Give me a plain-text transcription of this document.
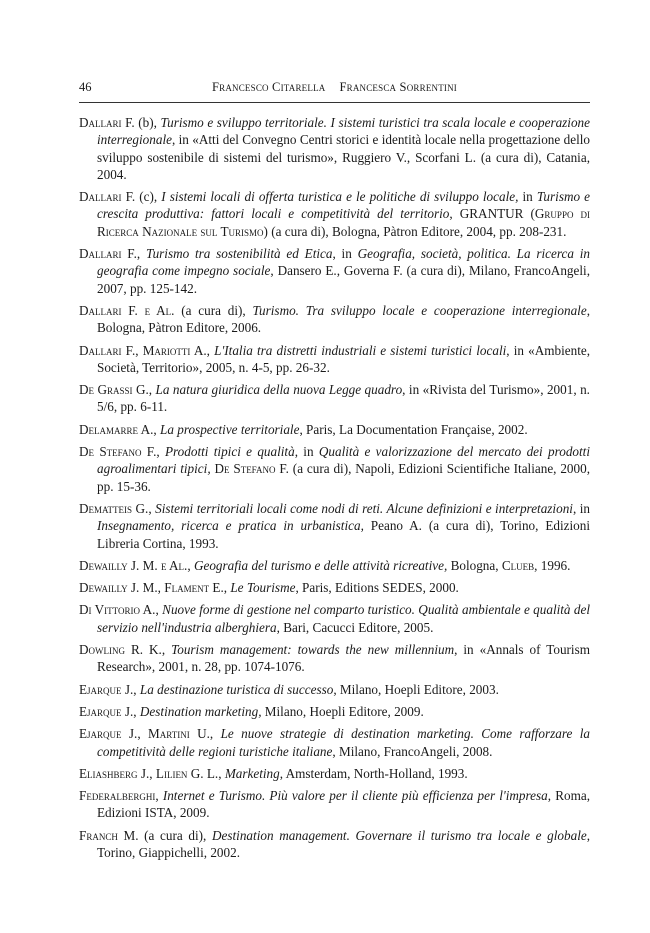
46	Francesco Citarella Francesca Sorrentini

Dallari F. (b), Turismo e sviluppo territoriale. I sistemi turistici tra scala locale e cooperazione interregionale, in «Atti del Convegno Centri storici e identità locale nella progettazione dello sviluppo sostenibile di sistemi del turismo», Ruggiero V., Scorfani L. (a cura di), Catania, 2004.

Dallari F. (c), I sistemi locali di offerta turistica e le politiche di sviluppo locale, in Turismo e crescita produttiva: fattori locali e competitività del territorio, GRANTUR (Gruppo di Ricerca Nazionale sul Turismo) (a cura di), Bologna, Pàtron Editore, 2004, pp. 208-231.

Dallari F., Turismo tra sostenibilità ed Etica, in Geografia, società, politica. La ricerca in geografia come impegno sociale, Dansero E., Governa F. (a cura di), Milano, FrancoAngeli, 2007, pp. 125-142.

Dallari F. e Al. (a cura di), Turismo. Tra sviluppo locale e cooperazione interregionale, Bologna, Pàtron Editore, 2006.

Dallari F., Mariotti A., L'Italia tra distretti industriali e sistemi turistici locali, in «Ambiente, Società, Territorio», 2005, n. 4-5, pp. 26-32.

De Grassi G., La natura giuridica della nuova Legge quadro, in «Rivista del Turismo», 2001, n. 5/6, pp. 6-11.

Delamarre A., La prospective territoriale, Paris, La Documentation Française, 2002.

De Stefano F., Prodotti tipici e qualità, in Qualità e valorizzazione del mercato dei prodotti agroalimentari tipici, De Stefano F. (a cura di), Napoli, Edizioni Scientifiche Italiane, 2000, pp. 15-36.

Dematteis G., Sistemi territoriali locali come nodi di reti. Alcune definizioni e interpretazioni, in Insegnamento, ricerca e pratica in urbanistica, Peano A. (a cura di), Torino, Edizioni Libreria Cortina, 1993.

Dewailly J. M. e Al., Geografia del turismo e delle attività ricreative, Bologna, Clueb, 1996.

Dewailly J. M., Flament E., Le Tourisme, Paris, Editions SEDES, 2000.

Di Vittorio A., Nuove forme di gestione nel comparto turistico. Qualità ambientale e qualità del servizio nell'industria alberghiera, Bari, Cacucci Editore, 2005.

Dowling R. K., Tourism management: towards the new millennium, in «Annals of Tourism Research», 2001, n. 28, pp. 1074-1076.

Ejarque J., La destinazione turistica di successo, Milano, Hoepli Editore, 2003.

Ejarque J., Destination marketing, Milano, Hoepli Editore, 2009.

Ejarque J., Martini U., Le nuove strategie di destination marketing. Come rafforzare la competitività delle regioni turistiche italiane, Milano, FrancoAngeli, 2008.

Eliashberg J., Lilien G. L., Marketing, Amsterdam, North-Holland, 1993.

Federalberghi, Internet e Turismo. Più valore per il cliente più efficienza per l'impresa, Roma, Edizioni ISTA, 2009.

Franch M. (a cura di), Destination management. Governare il turismo tra locale e globale, Torino, Giappichelli, 2002.
